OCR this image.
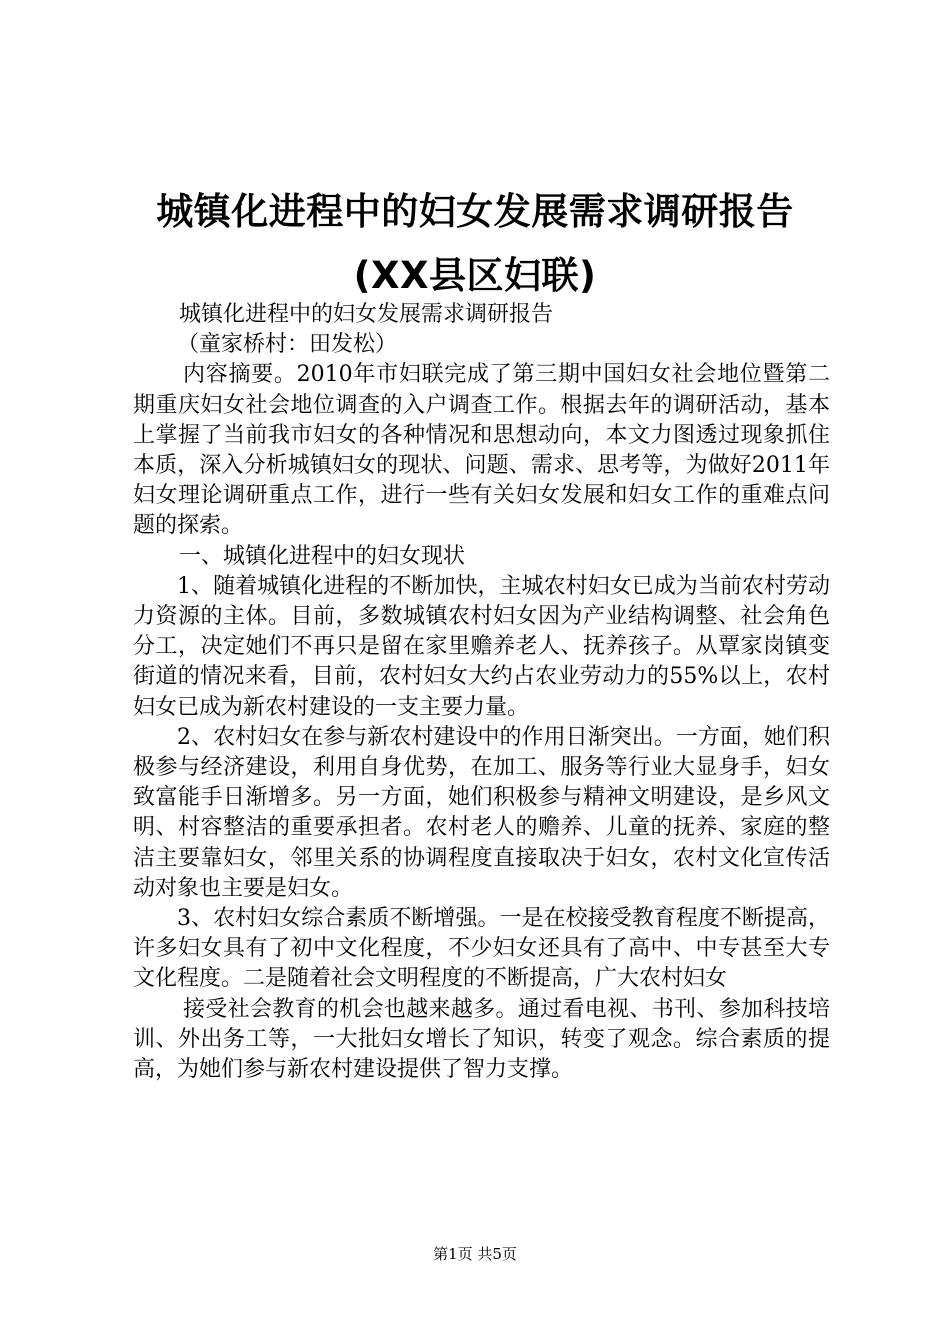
城镇化进程中的妇女发展需求调研报告(XX县区妇联)

城镇化进程中的妇女发展需求调研报告

（童家桥村：田发松）

内容摘要。2010年市妇联完成了第三期中国妇女社会地位暨第二期重庆妇女社会地位调查的入户调查工作。根据去年的调研活动，基本上掌握了当前我市妇女的各种情况和思想动向，本文力图透过现象抓住本质，深入分析城镇妇女的现状、问题、需求、思考等，为做好2011年妇女理论调研重点工作，进行一些有关妇女发展和妇女工作的重难点问题的探索。

一、城镇化进程中的妇女现状

1、随着城镇化进程的不断加快，主城农村妇女已成为当前农村劳动力资源的主体。目前，多数城镇农村妇女因为产业结构调整、社会角色分工，决定她们不再只是留在家里赡养老人、抚养孩子。从覃家岗镇变街道的情况来看，目前，农村妇女大约占农业劳动力的55%以上，农村妇女已成为新农村建设的一支主要力量。

2、农村妇女在参与新农村建设中的作用日渐突出。一方面，她们积极参与经济建设，利用自身优势，在加工、服务等行业大显身手，妇女致富能手日渐增多。另一方面，她们积极参与精神文明建设，是乡风文明、村容整洁的重要承担者。农村老人的赡养、儿童的抚养、家庭的整洁主要靠妇女，邻里关系的协调程度直接取决于妇女，农村文化宣传活动对象也主要是妇女。

3、农村妇女综合素质不断增强。一是在校接受教育程度不断提高，许多妇女具有了初中文化程度，不少妇女还具有了高中、中专甚至大专文化程度。二是随着社会文明程度的不断提高，广大农村妇女

接受社会教育的机会也越来越多。通过看电视、书刊、参加科技培训、外出务工等，一大批妇女增长了知识，转变了观念。综合素质的提高，为她们参与新农村建设提供了智力支撑。

第1页 共5页
